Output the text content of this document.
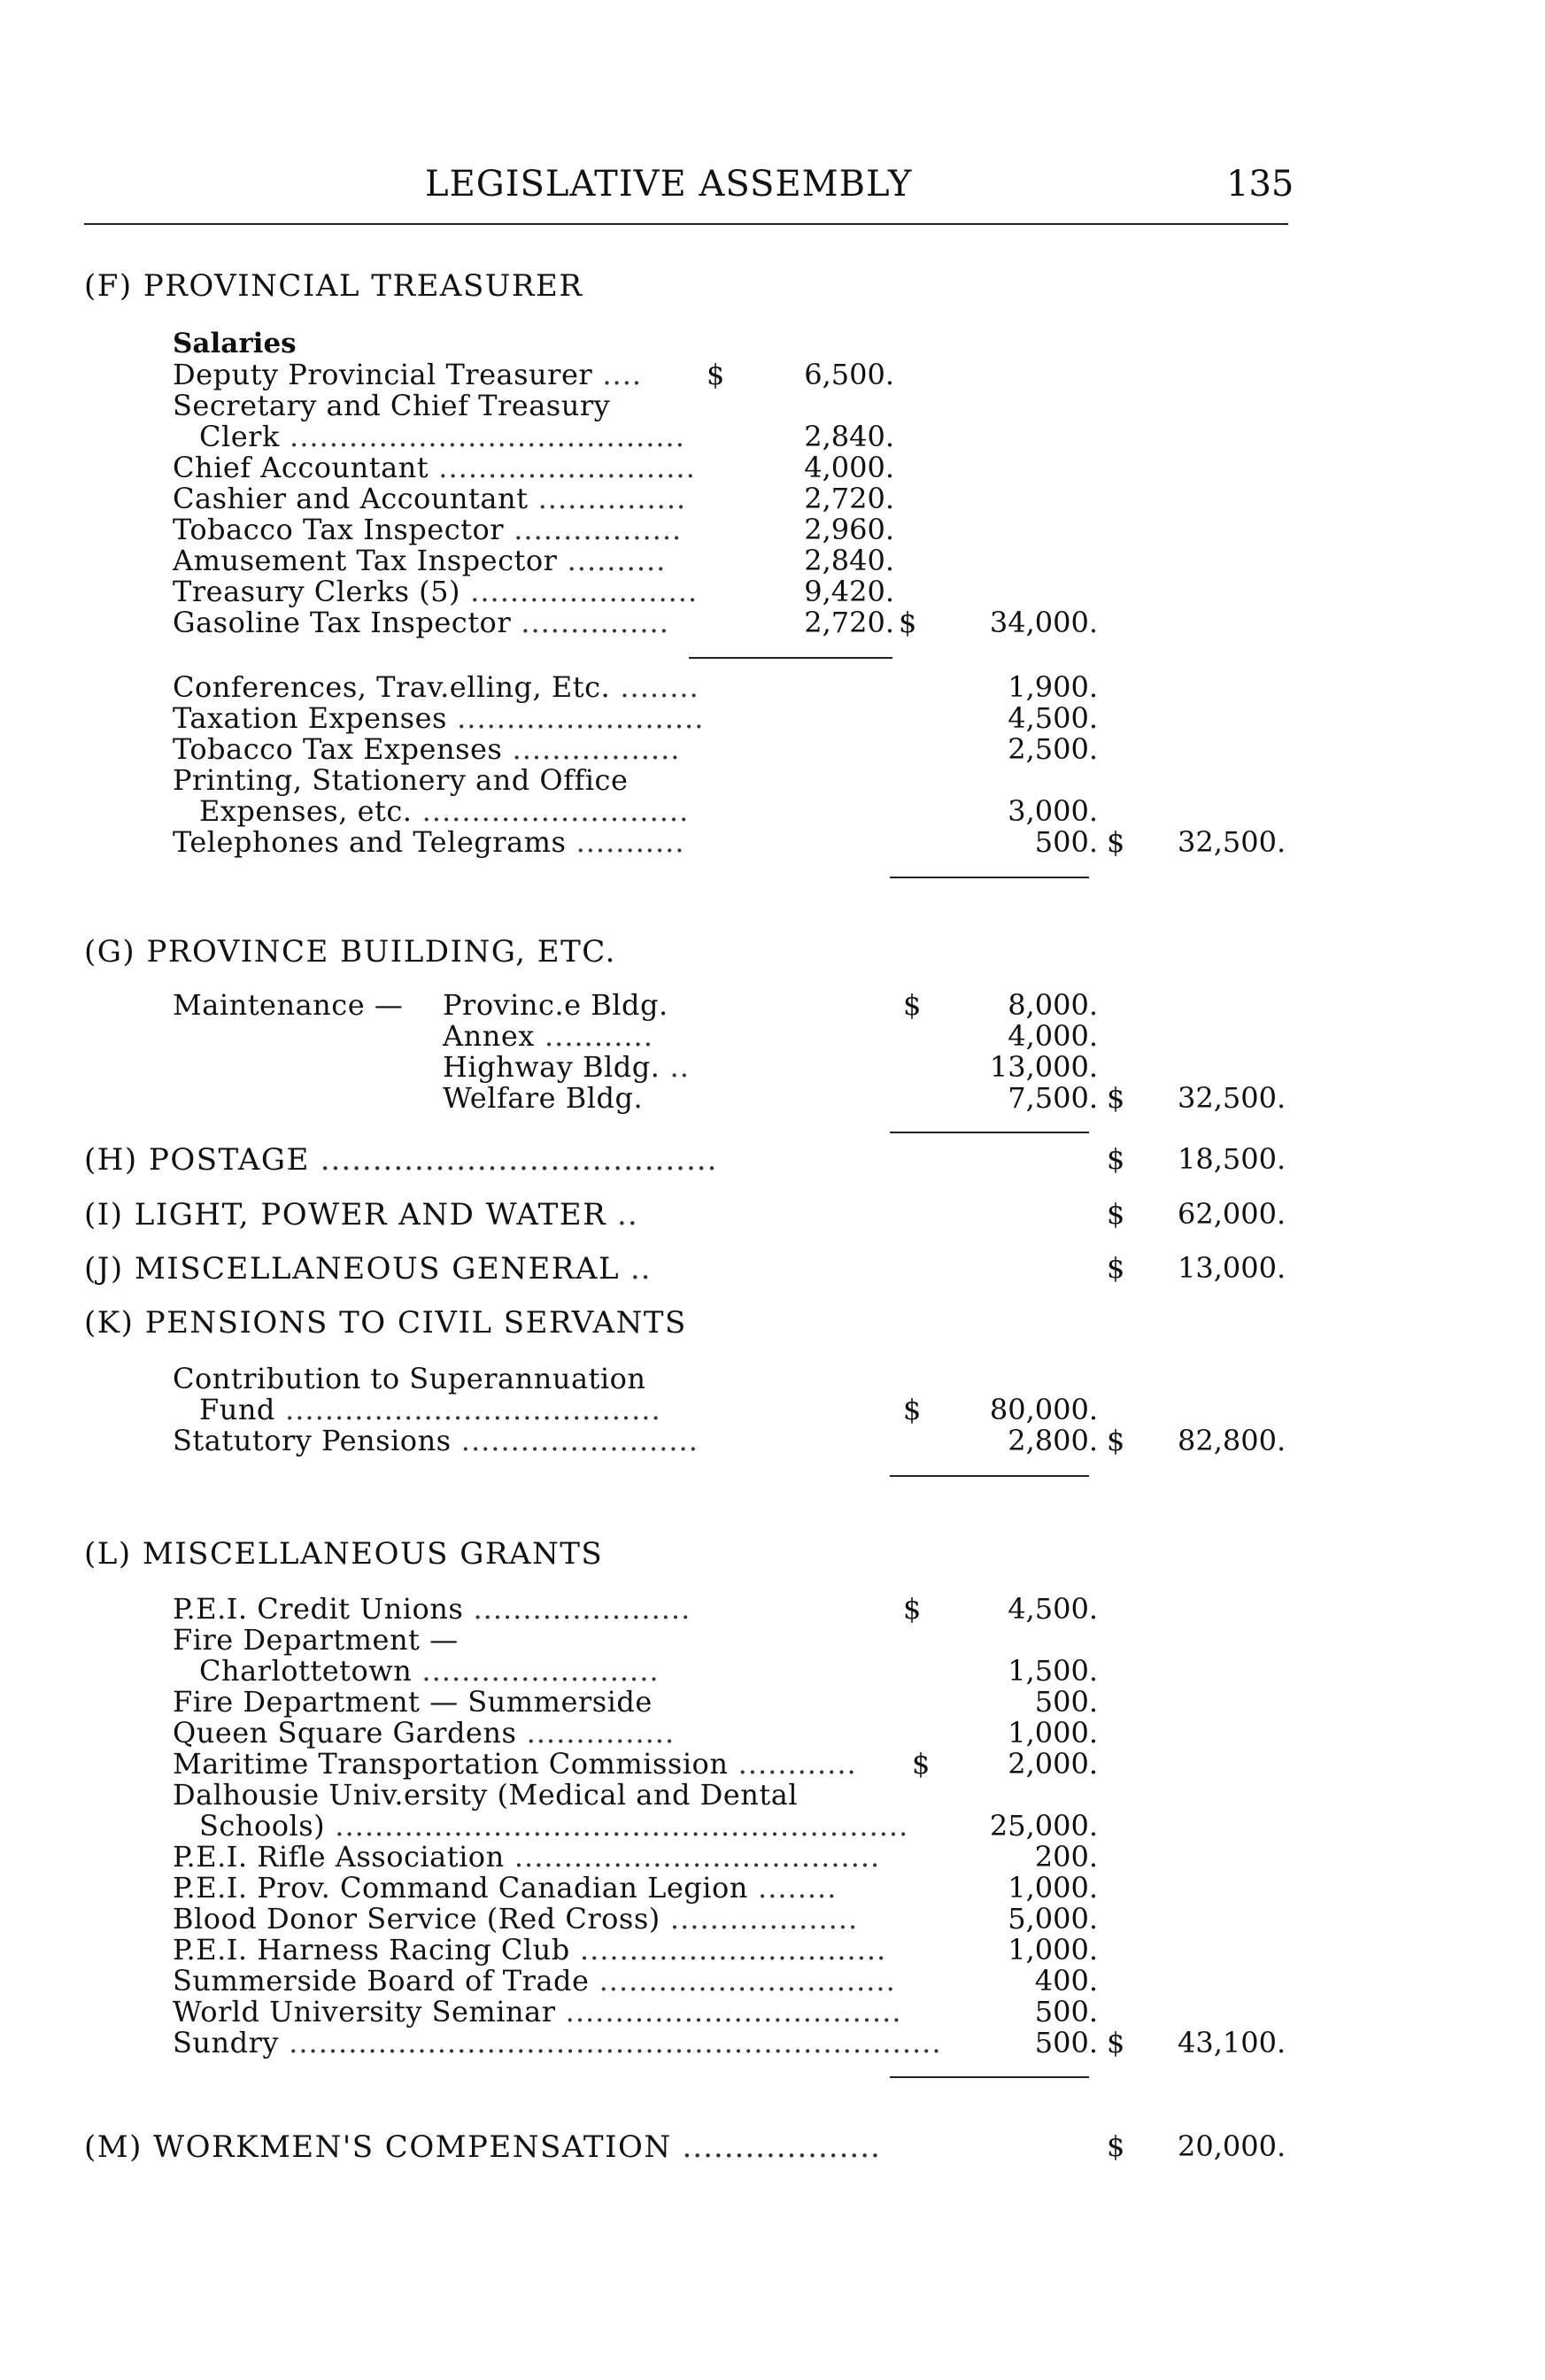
LEGISLATIVE ASSEMBLY	135
(F) PROVINCIAL TREASURER
Salaries
Deputy Provincial Treasurer .... $	6,500.
Secretary and Chief Treasury
Clerk ........................................	2,840.
Chief Accountant ..........................	4,000.
Cashier and Accountant ...............	2,720.
Tobacco Tax Inspector .................	2,960.
Amusement Tax Inspector ..........	2,840.
Treasury Clerks (5) .......................	9,420.
Gasoline Tax Inspector ...............	2,720. $	34,000.
Conferences, Trav.elling, Etc. ........	1,900.
Taxation Expenses .........................	4,500.
Tobacco Tax Expenses .................	2,500.
Printing, Stationery and Office
Expenses, etc. ...........................	3,000.
Telephones and Telegrams ...........	500. $ 32,500.
(G) PROVINCE BUILDING, ETC.
Maintenance — Provinc.e Bldg.	$	8,000.
Annex ...........	4,000.
Highway Bldg. ..	13,000.
Welfare Bldg.	7,500. $ 32,500.
(H) POSTAGE ......................................	$ 18,500.
(I) LIGHT, POWER AND WATER ..	$ 62,000.
(J) MISCELLANEOUS GENERAL ..	$ 13,000.
(K) PENSIONS TO CIVIL SERVANTS
Contribution to Superannuation
Fund ......................................	$ 80,000.
Statutory Pensions ........................	2,800. $ 82,800.
(L) MISCELLANEOUS GRANTS
P.E.I. Credit Unions ......................	$	4,500.
Fire Department —
Charlottetown ........................	1,500.
Fire Department — Summerside	500.
Queen Square Gardens ...............	1,000.
Maritime Transportation Commission ............ $	2,000.
Dalhousie Univ.ersity (Medical and Dental
Schools) ..........................................................	25,000.
P.E.I. Rifle Association .....................................	200.
P.E.I. Prov. Command Canadian Legion ........	1,000.
Blood Donor Service (Red Cross) ...................	5,000.
P.E.I. Harness Racing Club ...............................	1,000.
Summerside Board of Trade ..............................	400.
World University Seminar ..................................	500.
Sundry ..................................................................	500. $ 43,100.
(M) WORKMEN'S COMPENSATION ...................	$ 20,000.
